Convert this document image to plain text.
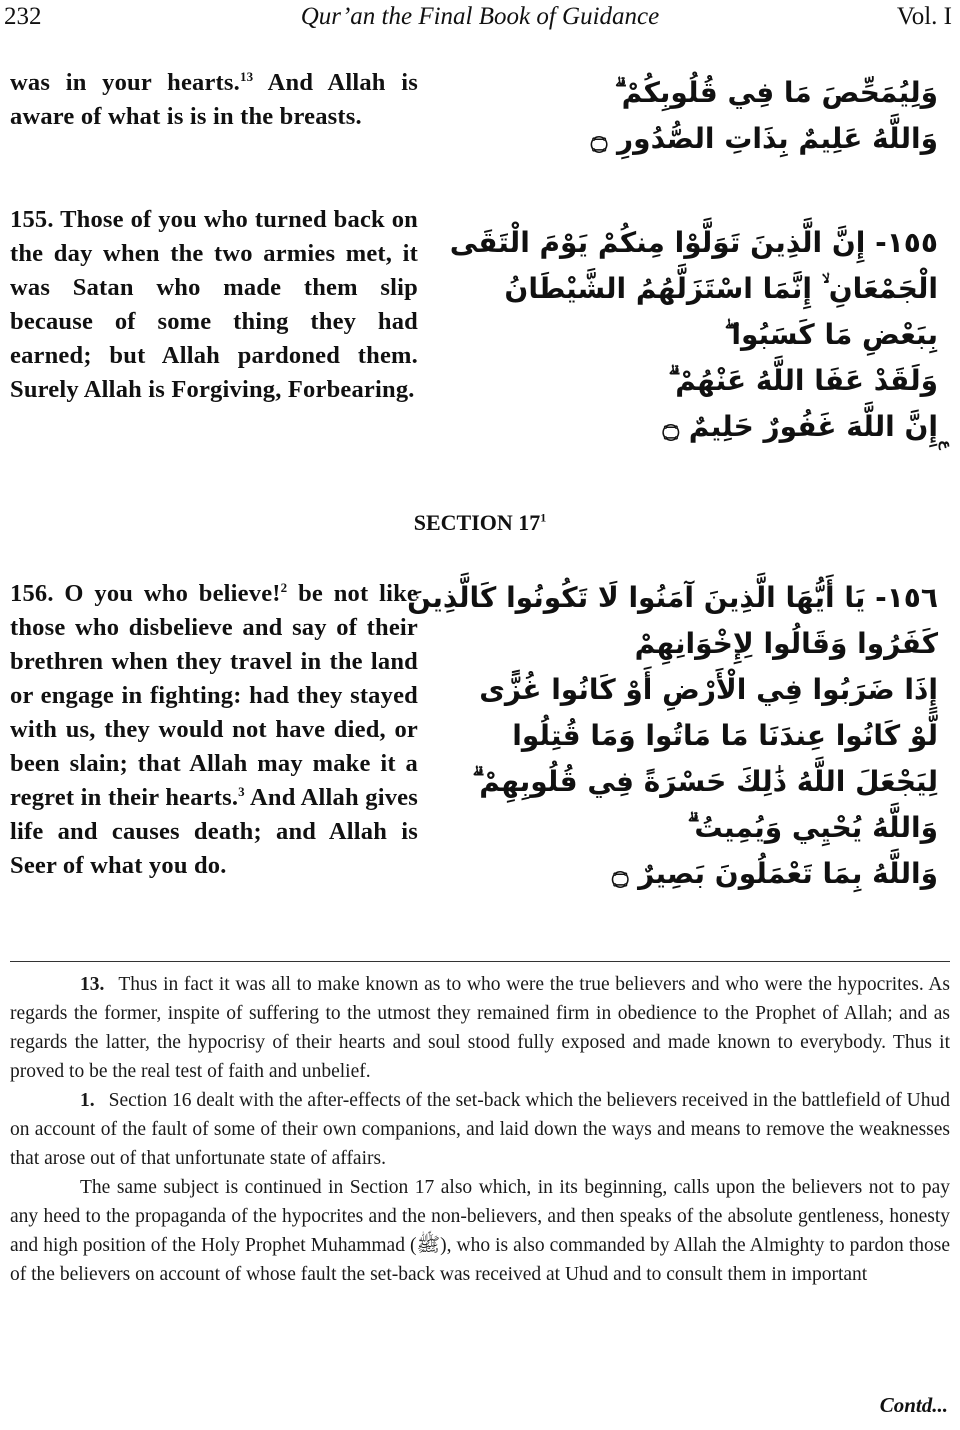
232	Qur’an the Final Book of Guidance	Vol. I
was in your hearts.$^{13}$ And Allah is aware of what is is in the breasts.
وَلِيُمَحِّصَ مَا فِي قُلُوبِكُمْ ۗ
وَاللَّهُ عَلِيمٌ بِذَاتِ الصُّدُورِ ۝
155. Those of you who turned back on the day when the two armies met, it was Satan who made them slip because of some thing they had earned; but Allah pardoned them. Surely Allah is Forgiving, Forbearing.
١٥٥- إِنَّ الَّذِينَ تَوَلَّوْا مِنكُمْ يَوْمَ الْتَقَى
الْجَمْعَانِ ۙ إِنَّمَا اسْتَزَلَّهُمُ الشَّيْطَانُ
بِبَعْضِ مَا كَسَبُوا ۖ
وَلَقَدْ عَفَا اللَّهُ عَنْهُمْ ۗ
إِنَّ اللَّهَ غَفُورٌ حَلِيمٌ ۝
ع
SECTION $17^1$
156. O you who believe!$^2$ be not like those who disbelieve and say of their brethren when they travel in the land or engage in fighting: had they stayed with us, they would not have died, or been slain; that Allah may make it a regret in their hearts.$^3$ And Allah gives life and causes death; and Allah is Seer of what you do.
١٥٦- يَا أَيُّهَا الَّذِينَ آمَنُوا لَا تَكُونُوا كَالَّذِينَ
كَفَرُوا وَقَالُوا لِإِخْوَانِهِمْ
إِذَا ضَرَبُوا فِي الْأَرْضِ أَوْ كَانُوا غُزًّى
لَّوْ كَانُوا عِندَنَا مَا مَاتُوا وَمَا قُتِلُوا
لِيَجْعَلَ اللَّهُ ذَٰلِكَ حَسْرَةً فِي قُلُوبِهِمْ ۗ
وَاللَّهُ يُحْيِي وَيُمِيتُ ۗ
وَاللَّهُ بِمَا تَعْمَلُونَ بَصِيرٌ ۝

13. Thus in fact it was all to make known as to who were the true believers and who were the hypocrites. As regards the former, inspite of suffering to the utmost they remained firm in obedience to the Prophet of Allah; and as regards the latter, the hypocrisy of their hearts and soul stood fully exposed and made known to everybody. Thus it proved to be the real test of faith and unbelief.

1. Section 16 dealt with the after-effects of the set-back which the believers received in the battlefield of Uhud on account of the fault of some of their own companions, and laid down the ways and means to remove the weaknesses that arose out of that unfortunate state of affairs.

The same subject is continued in Section 17 also which, in its beginning, calls upon the believers not to pay any heed to the propaganda of the hypocrites and the non-believers, and then speaks of the absolute gentleness, honesty and high position of the Holy Prophet Muhammad (ﷺ), who is also commanded by Allah the Almighty to pardon those of the believers on account of whose fault the set-back was received at Uhud and to consult them in important

Contd...
